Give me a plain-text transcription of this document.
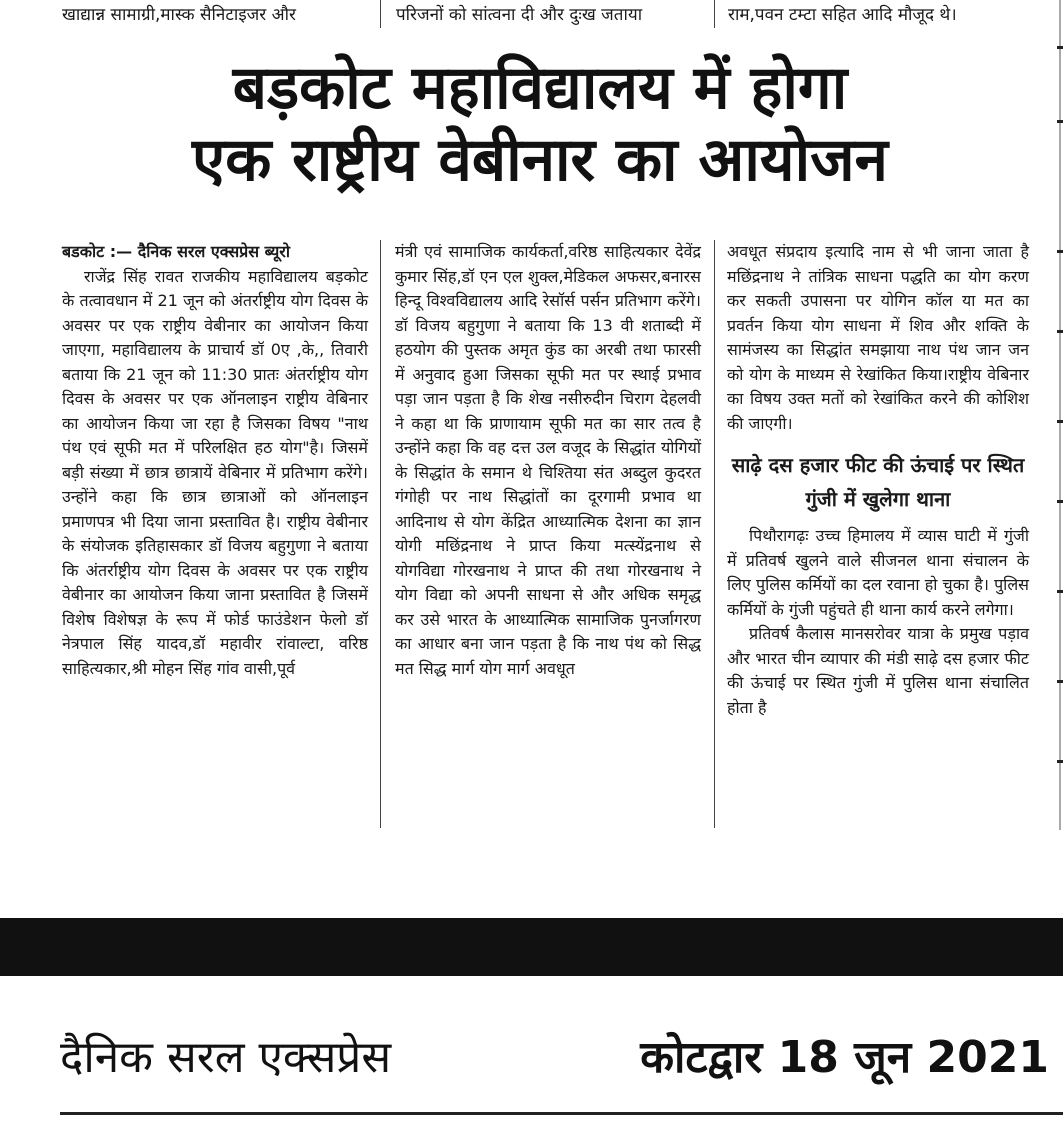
खाद्यान्न सामाग्री,मास्क सैनिटाइजर और	परिजनों को सांत्वना दी और दुःख जताया	राम,पवन टम्टा सहित आदि मौजूद थे।
बड़कोट महाविद्यालय में होगा
एक राष्ट्रीय वेबीनार का आयोजन

बडकोट :— दैनिक सरल एक्सप्रेस ब्यूरो

राजेंद्र सिंह रावत राजकीय महाविद्यालय बड़कोट के तत्वावधान में 21 जून को अंतर्राष्ट्रीय योग दिवस के अवसर पर एक राष्ट्रीय वेबीनार का आयोजन किया जाएगा, महाविद्यालय के प्राचार्य डॉ 0ए ,के,, तिवारी बताया कि 21 जून को 11:30 प्रातः अंतर्राष्ट्रीय योग दिवस के अवसर पर एक ऑनलाइन राष्ट्रीय वेबिनार का आयोजन किया जा रहा है जिसका विषय "नाथ पंथ एवं सूफी मत में परिलक्षित हठ योग"है। जिसमें बड़ी संख्या में छात्र छात्रायें वेबिनार में प्रतिभाग करेंगे।उन्होंने कहा कि छात्र छात्राओं को ऑनलाइन प्रमाणपत्र भी दिया जाना प्रस्तावित है। राष्ट्रीय वेबीनार के संयोजक इतिहासकार डॉ विजय बहुगुणा ने बताया कि अंतर्राष्ट्रीय योग दिवस के अवसर पर एक राष्ट्रीय वेबीनार का आयोजन किया जाना प्रस्तावित है जिसमें विशेष विशेषज्ञ के रूप में फोर्ड फाउंडेशन फेलो डॉ नेत्रपाल सिंह यादव,डॉ महावीर रांवाल्टा, वरिष्ठ साहित्यकार,श्री मोहन सिंह गांव वासी,पूर्व

मंत्री एवं सामाजिक कार्यकर्ता,वरिष्ठ साहित्यकार देवेंद्र कुमार सिंह,डॉ एन एल शुक्ल,मेडिकल अफसर,बनारस हिन्दू विश्वविद्यालय आदि रेसॉर्स पर्सन प्रतिभाग करेंगे। डॉ विजय बहुगुणा ने बताया कि 13 वी शताब्दी में हठयोग की पुस्तक अमृत कुंड का अरबी तथा फारसी में अनुवाद हुआ जिसका सूफी मत पर स्थाई प्रभाव पड़ा जान पड़ता है कि शेख नसीरुदीन चिराग देहलवी ने कहा था कि प्राणायाम सूफी मत का सार तत्व है उन्होंने कहा कि वह दत्त उल वजूद के सिद्धांत योगियों के सिद्धांत के समान थे चिश्तिया संत अब्दुल कुदरत गंगोही पर नाथ सिद्धांतों का दूरगामी प्रभाव था आदिनाथ से योग केंद्रित आध्यात्मिक देशना का ज्ञान योगी मछिंद्रनाथ ने प्राप्त किया मत्स्येंद्रनाथ से योगविद्या गोरखनाथ ने प्राप्त की तथा गोरखनाथ ने योग विद्या को अपनी साधना से और अधिक समृद्ध कर उसे भारत के आध्यात्मिक सामाजिक पुनर्जागरण का आधार बना जान पड़ता है कि नाथ पंथ को सिद्ध मत सिद्ध मार्ग योग मार्ग अवधूत

अवधूत संप्रदाय इत्यादि नाम से भी जाना जाता है मछिंद्रनाथ ने तांत्रिक साधना पद्धति का योग करण कर सकती उपासना पर योगिन कॉल या मत का प्रवर्तन किया योग साधना में शिव और शक्ति के सामंजस्य का सिद्धांत समझाया नाथ पंथ जान जन को योग के माध्यम से रेखांकित किया।राष्ट्रीय वेबिनार का विषय उक्त मतों को रेखांकित करने की कोशिश की जाएगी।

साढ़े दस हजार फीट की ऊंचाई पर स्थित गुंजी में खुलेगा थाना

पिथौरागढ़ः उच्च हिमालय में व्यास घाटी में गुंजी में प्रतिवर्ष खुलने वाले सीजनल थाना संचालन के लिए पुलिस कर्मियों का दल रवाना हो चुका है। पुलिस कर्मियों के गुंजी पहुंचते ही थाना कार्य करने लगेगा।

प्रतिवर्ष कैलास मानसरोवर यात्रा के प्रमुख पड़ाव और भारत चीन व्यापार की मंडी साढ़े दस हजार फीट की ऊंचाई पर स्थित गुंजी में पुलिस थाना संचालित होता है

दैनिक सरल एक्सप्रेस	कोटद्वार 18 जून 2021
